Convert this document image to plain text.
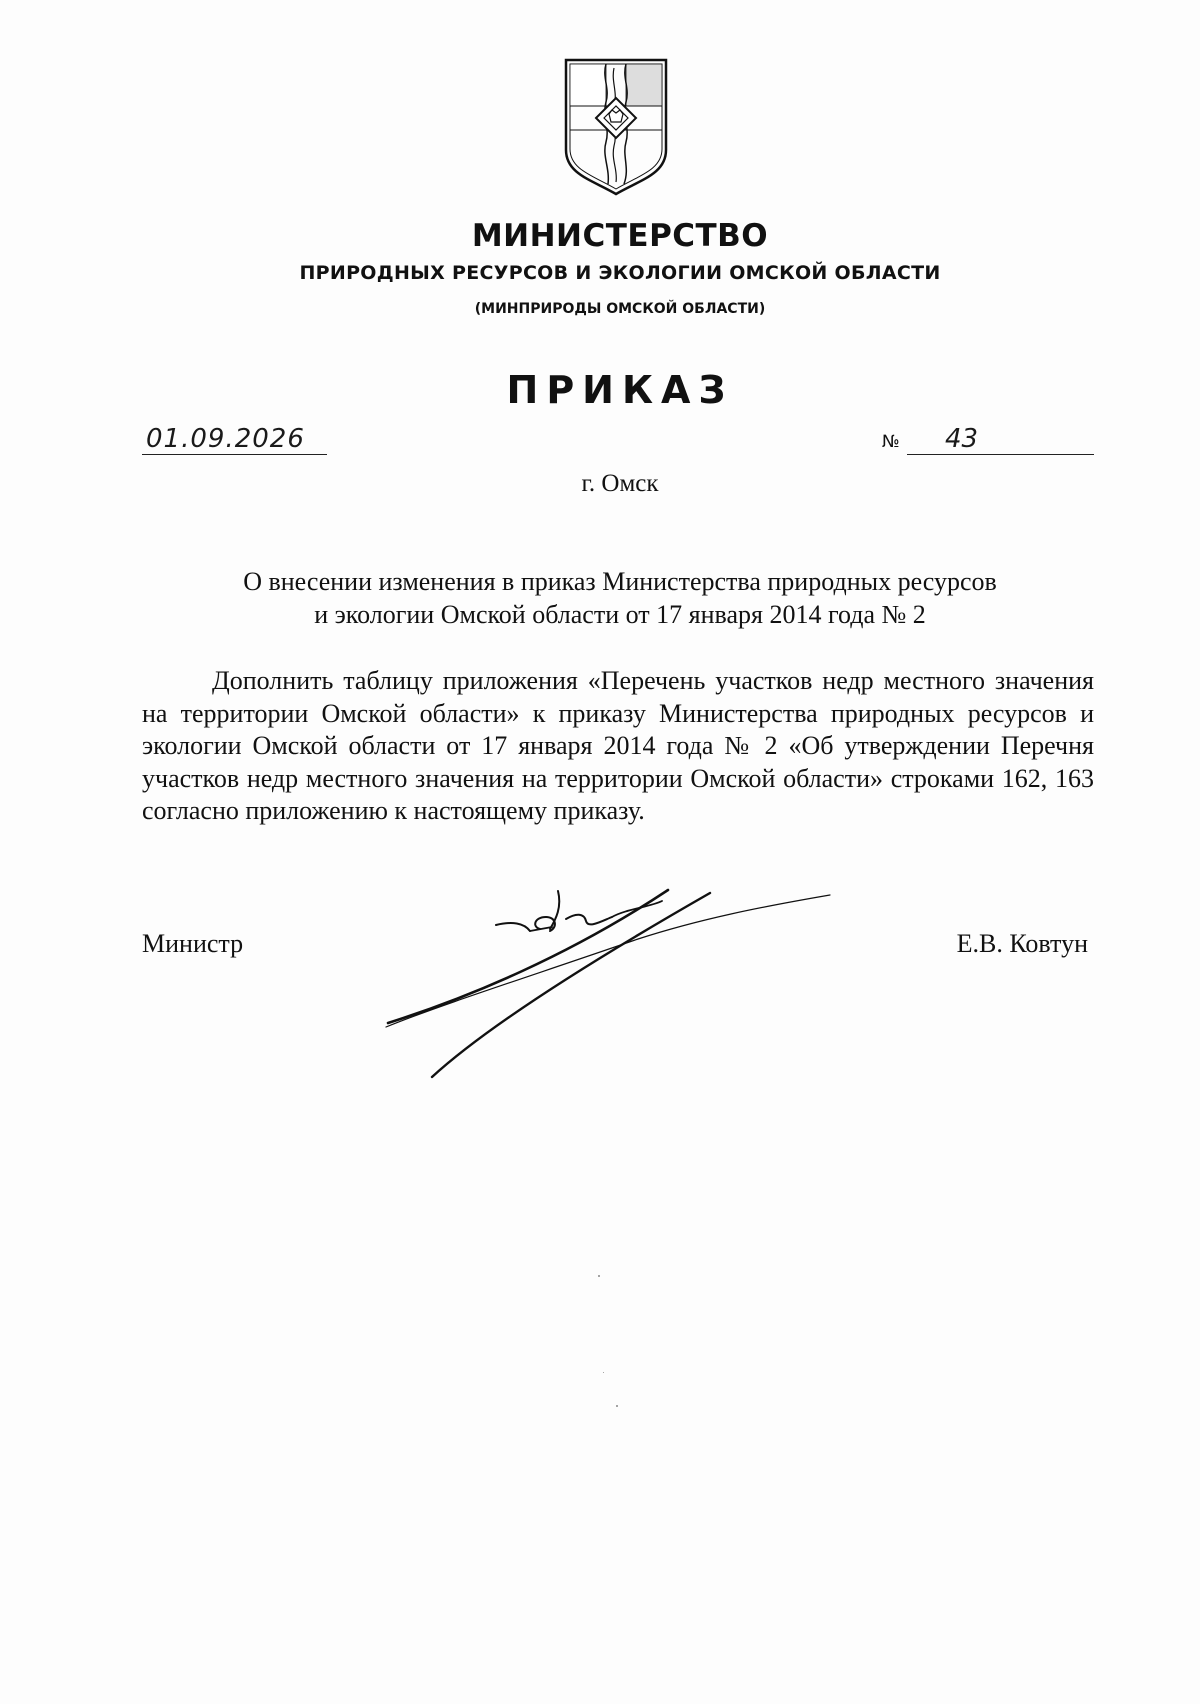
МИНИСТЕРСТВО
ПРИРОДНЫХ РЕСУРСОВ И ЭКОЛОГИИ ОМСКОЙ ОБЛАСТИ
(МИНПРИРОДЫ ОМСКОЙ ОБЛАСТИ)
ПРИКАЗ
01.09.2026	№ 43
г. Омск
О внесении изменения в приказ Министерства природных ресурсов
и экологии Омской области от 17 января 2014 года № 2
Дополнить таблицу приложения «Перечень участков недр местного значения на территории Омской области» к приказу Министерства природных ресурсов и экологии Омской области от 17 января 2014 года № 2 «Об утверждении Перечня участков недр местного значения на территории Омской области» строками 162, 163 согласно приложению к настоящему приказу.
Министр	Е.В. Ковтун
